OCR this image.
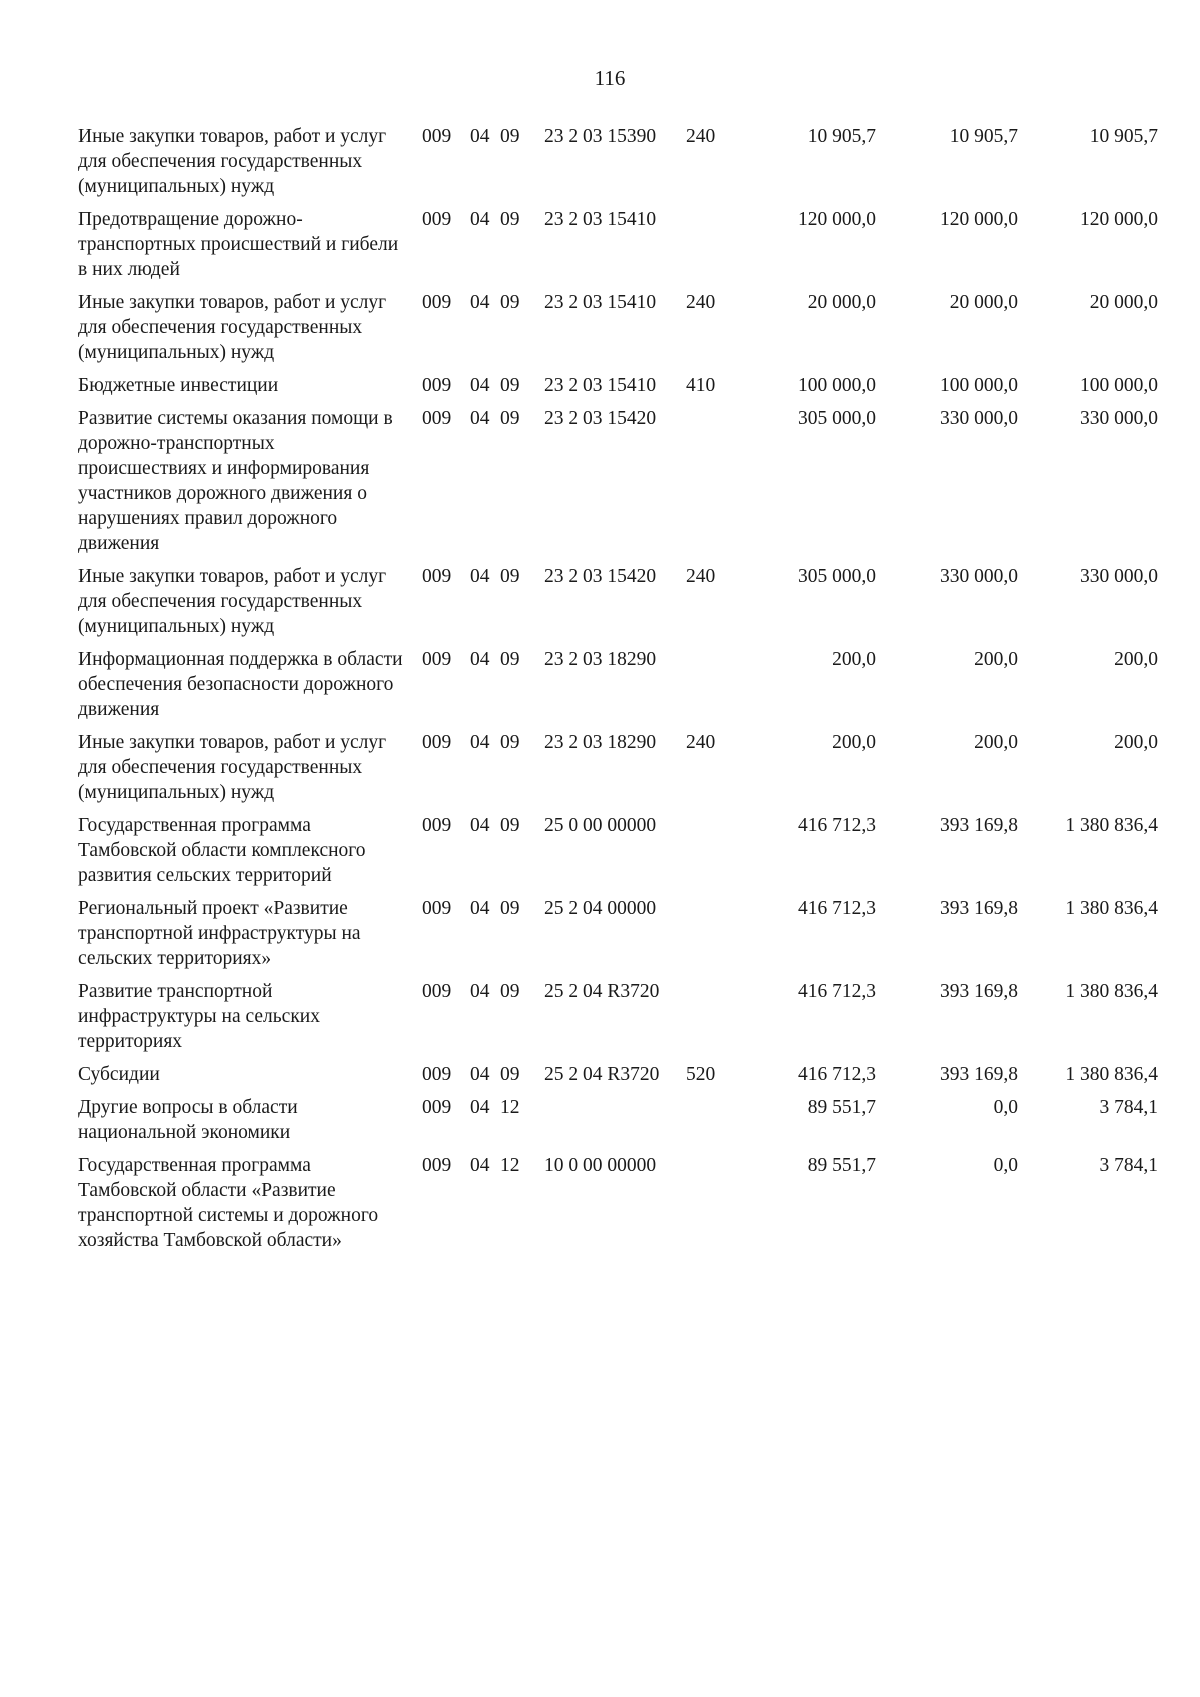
116
Иные закупки товаров, работ и услуг для обеспечения государственных (муниципальных) нужд	009	04	09	23 2 03 15390	240	10 905,7	10 905,7	10 905,7
Предотвращение дорожно-транспортных происшествий и гибели в них людей	009	04	09	23 2 03 15410		120 000,0	120 000,0	120 000,0
Иные закупки товаров, работ и услуг для обеспечения государственных (муниципальных) нужд	009	04	09	23 2 03 15410	240	20 000,0	20 000,0	20 000,0
Бюджетные инвестиции	009	04	09	23 2 03 15410	410	100 000,0	100 000,0	100 000,0
Развитие системы оказания помощи в дорожно-транспортных происшествиях и информирования участников дорожного движения о нарушениях правил дорожного движения	009	04	09	23 2 03 15420		305 000,0	330 000,0	330 000,0
Иные закупки товаров, работ и услуг для обеспечения государственных (муниципальных) нужд	009	04	09	23 2 03 15420	240	305 000,0	330 000,0	330 000,0
Информационная поддержка в области обеспечения безопасности дорожного движения	009	04	09	23 2 03 18290		200,0	200,0	200,0
Иные закупки товаров, работ и услуг для обеспечения государственных (муниципальных) нужд	009	04	09	23 2 03 18290	240	200,0	200,0	200,0
Государственная программа Тамбовской области комплексного развития сельских территорий	009	04	09	25 0 00 00000		416 712,3	393 169,8	1 380 836,4
Региональный проект «Развитие транспортной инфраструктуры на сельских территориях»	009	04	09	25 2 04 00000		416 712,3	393 169,8	1 380 836,4
Развитие транспортной инфраструктуры на сельских территориях	009	04	09	25 2 04 R3720		416 712,3	393 169,8	1 380 836,4
Субсидии	009	04	09	25 2 04 R3720	520	416 712,3	393 169,8	1 380 836,4
Другие вопросы в области национальной экономики	009	04	12			89 551,7	0,0	3 784,1
Государственная программа Тамбовской области «Развитие транспортной системы и дорожного хозяйства Тамбовской области»	009	04	12	10 0 00 00000		89 551,7	0,0	3 784,1
